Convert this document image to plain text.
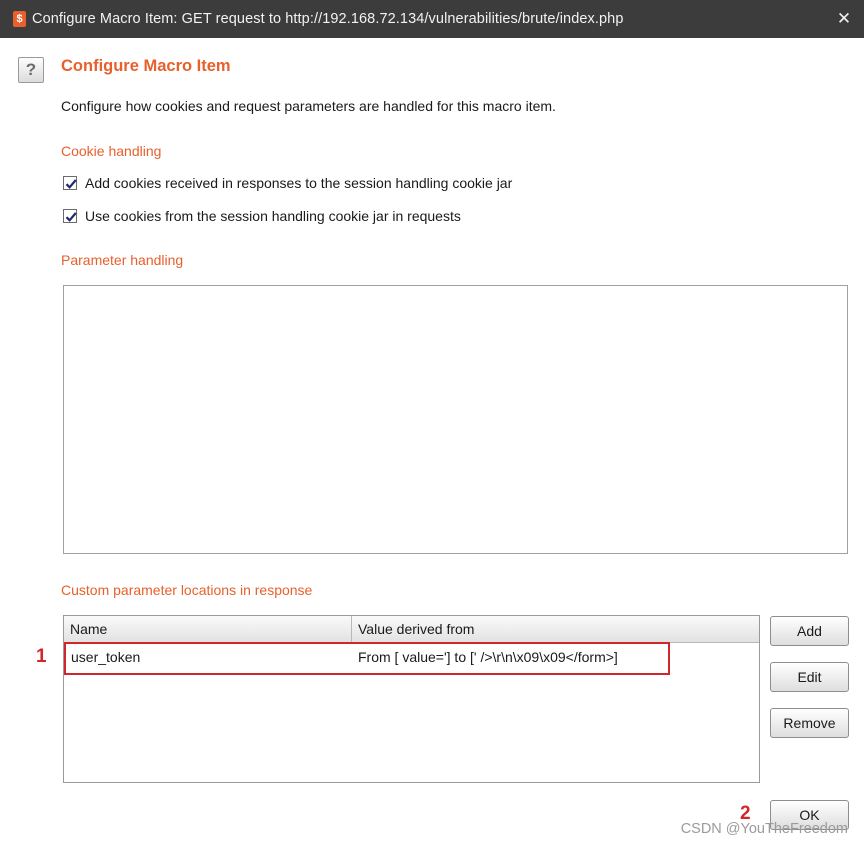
$ Configure Macro Item: GET request to http://192.168.72.134/vulnerabilities/brute/index.php	✕
?	Configure Macro Item
Configure how cookies and request parameters are handled for this macro item.
Cookie handling
Add cookies received in responses to the session handling cookie jar
Use cookies from the session handling cookie jar in requests
Parameter handling
Custom parameter locations in response
Name	Value derived from
user_token	From [ value='] to [' />\r\n\x09\x09</form>]
1
2
Add
Edit
Remove
OK
CSDN @YouTheFreedom
